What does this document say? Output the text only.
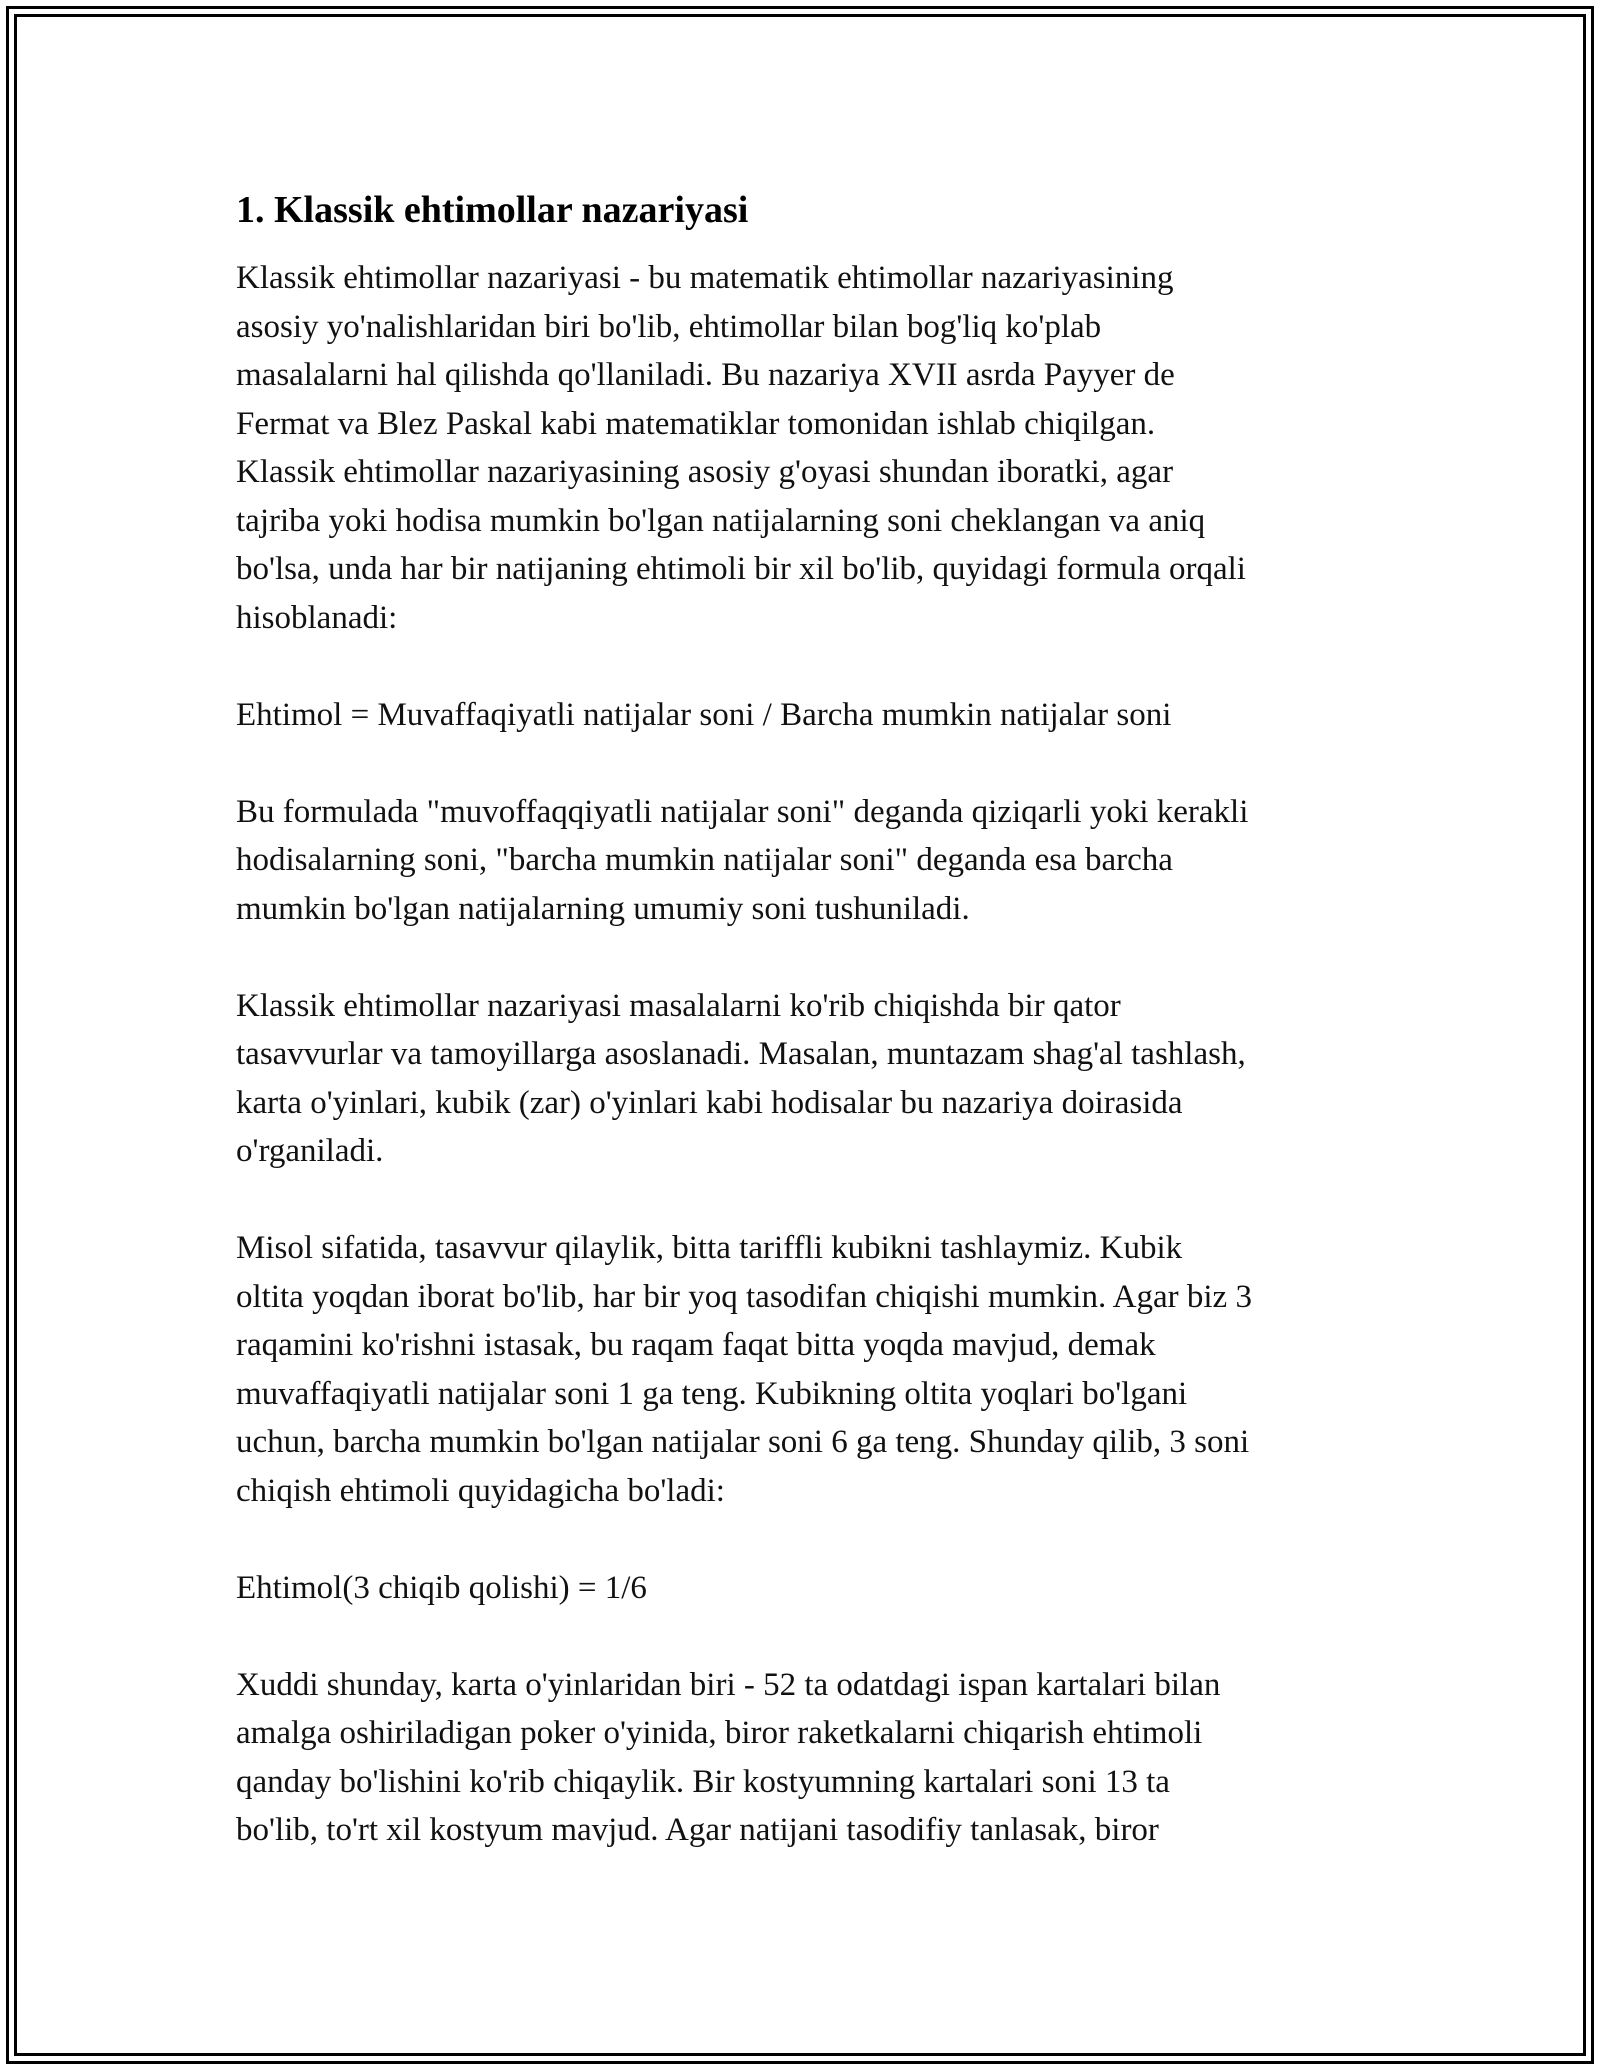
1. Klassik ehtimollar nazariyasi

Klassik ehtimollar nazariyasi - bu matematik ehtimollar nazariyasining
asosiy yo'nalishlaridan biri bo'lib, ehtimollar bilan bog'liq ko'plab
masalalarni hal qilishda qo'llaniladi. Bu nazariya XVII asrda Payyer de
Fermat va Blez Paskal kabi matematiklar tomonidan ishlab chiqilgan.
Klassik ehtimollar nazariyasining asosiy g'oyasi shundan iboratki, agar
tajriba yoki hodisa mumkin bo'lgan natijalarning soni cheklangan va aniq
bo'lsa, unda har bir natijaning ehtimoli bir xil bo'lib, quyidagi formula orqali
hisoblanadi:

Ehtimol = Muvaffaqiyatli natijalar soni / Barcha mumkin natijalar soni

Bu formulada "muvoffaqqiyatli natijalar soni" deganda qiziqarli yoki kerakli
hodisalarning soni, "barcha mumkin natijalar soni" deganda esa barcha
mumkin bo'lgan natijalarning umumiy soni tushuniladi.

Klassik ehtimollar nazariyasi masalalarni ko'rib chiqishda bir qator
tasavvurlar va tamoyillarga asoslanadi. Masalan, muntazam shag'al tashlash,
karta o'yinlari, kubik (zar) o'yinlari kabi hodisalar bu nazariya doirasida
o'rganiladi.

Misol sifatida, tasavvur qilaylik, bitta tariffli kubikni tashlaymiz. Kubik
oltita yoqdan iborat bo'lib, har bir yoq tasodifan chiqishi mumkin. Agar biz 3
raqamini ko'rishni istasak, bu raqam faqat bitta yoqda mavjud, demak
muvaffaqiyatli natijalar soni 1 ga teng. Kubikning oltita yoqlari bo'lgani
uchun, barcha mumkin bo'lgan natijalar soni 6 ga teng. Shunday qilib, 3 soni
chiqish ehtimoli quyidagicha bo'ladi:

Ehtimol(3 chiqib qolishi) = 1/6

Xuddi shunday, karta o'yinlaridan biri - 52 ta odatdagi ispan kartalari bilan
amalga oshiriladigan poker o'yinida, biror raketkalarni chiqarish ehtimoli
qanday bo'lishini ko'rib chiqaylik. Bir kostyumning kartalari soni 13 ta
bo'lib, to'rt xil kostyum mavjud. Agar natijani tasodifiy tanlasak, biror
